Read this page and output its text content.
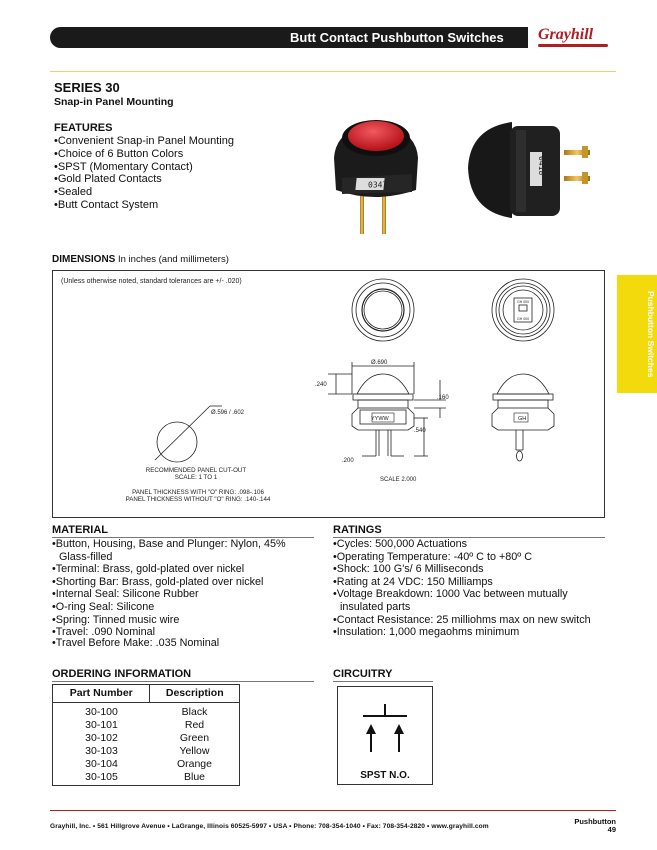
Butt Contact Pushbutton Switches Grayhill
SERIES 30
Snap-in Panel Mounting
FEATURES
• Convenient Snap-in Panel Mounting
• Choice of 6 Button Colors
• SPST (Momentary Contact)
• Gold Plated Contacts
• Sealed
• Butt Contact System
0347
0418
DIMENSIONS In inches (and millimeters)
(Unless otherwise noted, standard tolerances are +/- .020)
Ø.596 / .602
Ø.690
.240
.160
.540
.200
YYWW	GH
SCALE 2.000
GH 000
GH 000
RECOMMENDED PANEL CUT-OUT
SCALE: 1 TO 1
PANEL THICKNESS WITH "O" RING: .098-.106
PANEL THICKNESS WITHOUT "O" RING: .140-.144
Pushbutton Switches
MATERIAL
• Button, Housing, Base and Plunger: Nylon, 45% Glass-filled
• Terminal: Brass, gold-plated over nickel
• Shorting Bar: Brass, gold-plated over nickel
• Internal Seal: Silicone Rubber
• O-ring Seal: Silicone
• Spring: Tinned music wire
• Travel: .090 Nominal
• Travel Before Make: .035 Nominal
RATINGS
• Cycles: 500,000 Actuations
• Operating Temperature: -40º C to +80º C
• Shock: 100 G's/ 6 Milliseconds
• Rating at 24 VDC: 150 Milliamps
• Voltage Breakdown: 1000 Vac between mutually insulated parts
• Contact Resistance: 25 milliohms max on new switch
• Insulation: 1,000 megaohms minimum
ORDERING INFORMATION
Part Number	Description
30-100	Black
30-101	Red
30-102	Green
30-103	Yellow
30-104	Orange
30-105	Blue
CIRCUITRY
SPST N.O.
Grayhill, Inc. • 561 Hillgrove Avenue • LaGrange, Illinois 60525-5997 • USA • Phone: 708-354-1040 • Fax: 708-354-2820 • www.grayhill.com
Pushbutton
49
